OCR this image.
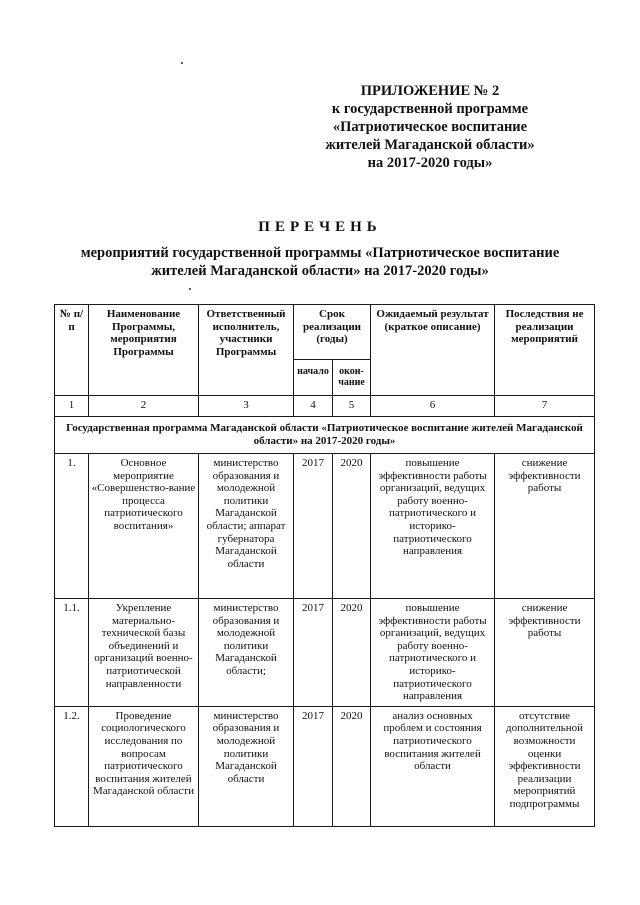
ПРИЛОЖЕНИЕ № 2
к государственной программе
«Патриотическое воспитание
жителей Магаданской области»
на 2017-2020 годы»
ПЕРЕЧЕНЬ
мероприятий государственной программы «Патриотическое воспитание
жителей Магаданской области» на 2017-2020 годы»
№ п/п	Наименование Программы, мероприятия Программы	Ответственный исполнитель, участники Программы	Срок реализации (годы)		Ожидаемый результат (краткое описание)	Последствия не реализации мероприятий
			начало	окон-чание		
1	2	3	4	5	6	7
Государственная программа Магаданской области «Патриотическое воспитание жителей Магаданской области» на 2017-2020 годы»						
1.	Основное мероприятие «Совершенство-вание процесса патриотического воспитания»	министерство образования и молодежной политики Магаданской области; аппарат губернатора Магаданской области	2017	2020	повышение эффективности работы организаций, ведущих работу военно-патриотического и историко-патриотического направления	снижение эффективности работы
1.1.	Укрепление материально-технической базы объединений и организаций военно-патриотической направленности	министерство образования и молодежной политики Магаданской области;	2017	2020	повышение эффективности работы организаций, ведущих работу военно-патриотического и историко-патриотического направления	снижение эффективности работы
1.2.	Проведение социологического исследования по вопросам патриотического воспитания жителей Магаданской области	министерство образования и молодежной политики Магаданской области	2017	2020	анализ основных проблем и состояния патриотического воспитания жителей области	отсутствие дополнительной возможности оценки эффективности реализации мероприятий подпрограммы
